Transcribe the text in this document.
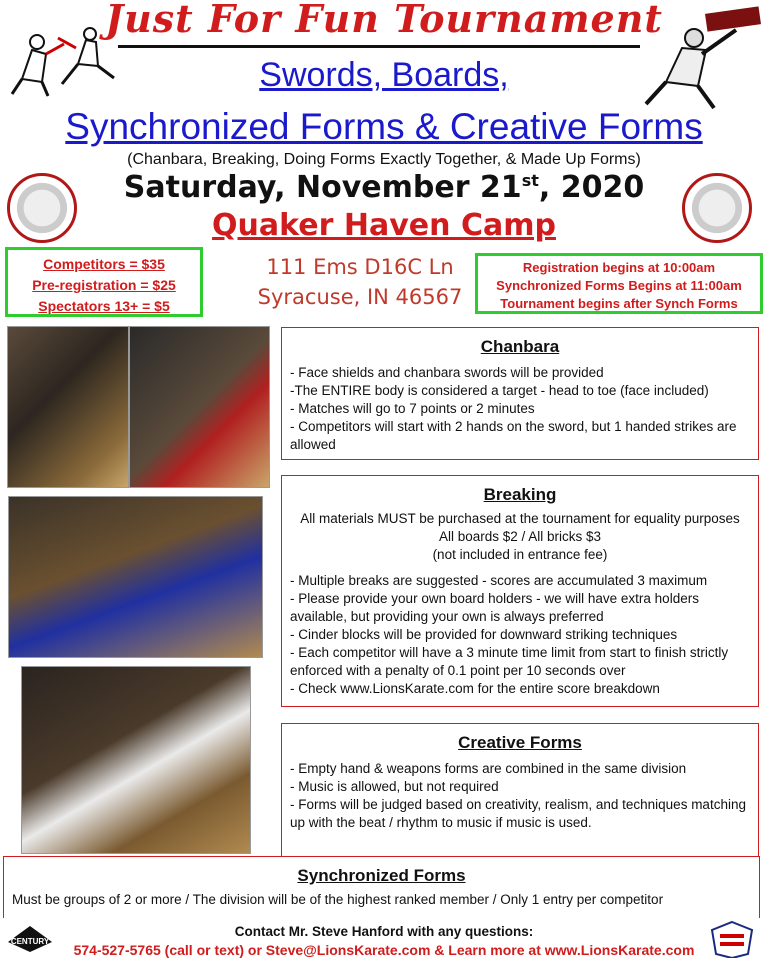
Just For Fun Tournament
Swords, Boards,
Synchronized Forms & Creative Forms
(Chanbara, Breaking, Doing Forms Exactly Together, & Made Up Forms)
Saturday, November 21st, 2020
Quaker Haven Camp
Competitors = $35
Pre-registration = $25
Spectators 13+ = $5
111 Ems D16C Ln
Syracuse, IN 46567
Registration begins at 10:00am
Synchronized Forms Begins at 11:00am
Tournament begins after Synch Forms
Chanbara
- Face shields and chanbara swords will be provided
-The ENTIRE body is considered a target - head to toe (face included)
- Matches will go to 7 points or 2 minutes
- Competitors will start with 2 hands on the sword, but 1 handed strikes are allowed
Breaking
All materials MUST be purchased at the tournament for equality purposes
All boards $2 / All bricks $3
(not included in entrance fee)
- Multiple breaks are suggested - scores are accumulated 3 maximum
- Please provide your own board holders - we will have extra holders available, but providing your own is always preferred
- Cinder blocks will be provided for downward striking techniques
- Each competitor will have a 3 minute time limit from start to finish strictly enforced with a penalty of 0.1 point per 10 seconds over
- Check www.LionsKarate.com for the entire score breakdown
Creative Forms
- Empty hand & weapons forms are combined in the same division
- Music is allowed, but not required
- Forms will be judged based on creativity, realism, and techniques matching up with the beat / rhythm to music if music is used.
Synchronized Forms
Must be groups of 2 or more / The division will be of the highest ranked member / Only 1 entry per competitor
CENTURY
Contact Mr. Steve Hanford with any questions:
574-527-5765 (call or text) or Steve@LionsKarate.com & Learn more at www.LionsKarate.com
